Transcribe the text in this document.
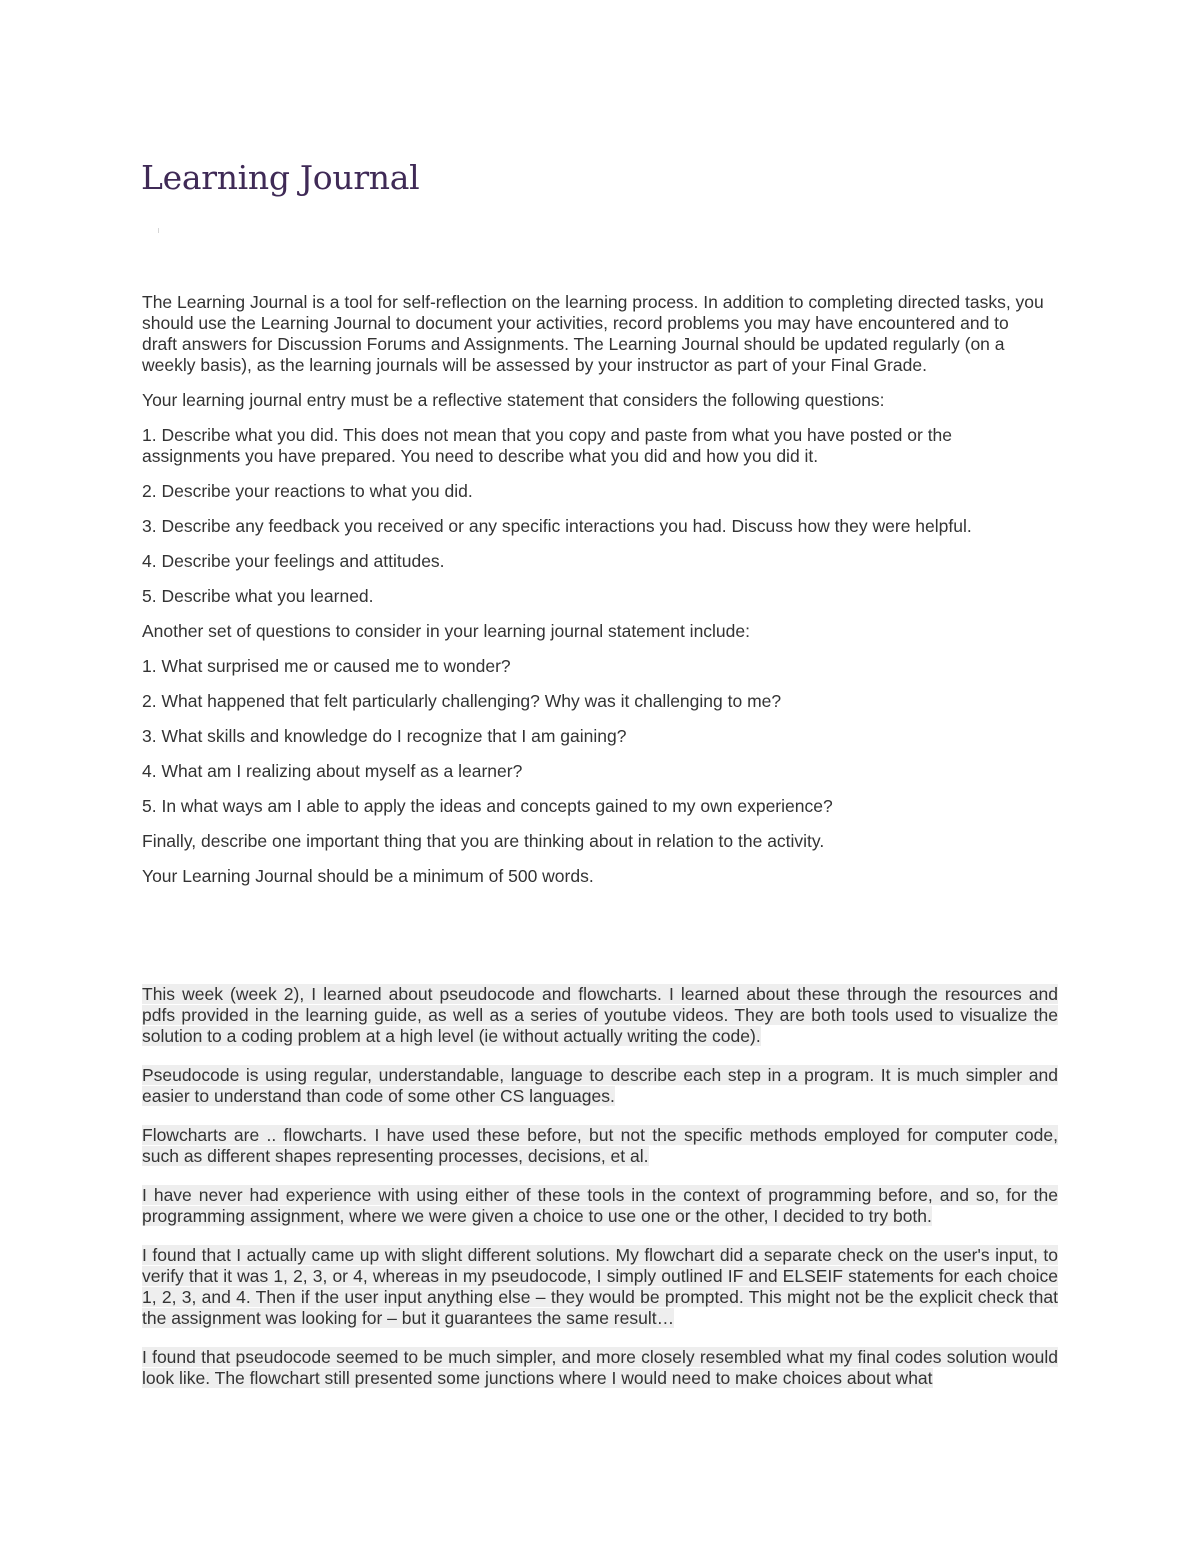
Learning Journal

The Learning Journal is a tool for self-reflection on the learning process. In addition to completing directed tasks, you should use the Learning Journal to document your activities, record problems you may have encountered and to draft answers for Discussion Forums and Assignments. The Learning Journal should be updated regularly (on a weekly basis), as the learning journals will be assessed by your instructor as part of your Final Grade.

Your learning journal entry must be a reflective statement that considers the following questions:

1. Describe what you did. This does not mean that you copy and paste from what you have posted or the assignments you have prepared. You need to describe what you did and how you did it.

2. Describe your reactions to what you did.

3. Describe any feedback you received or any specific interactions you had. Discuss how they were helpful.

4. Describe your feelings and attitudes.

5. Describe what you learned.

Another set of questions to consider in your learning journal statement include:

1. What surprised me or caused me to wonder?

2. What happened that felt particularly challenging? Why was it challenging to me?

3. What skills and knowledge do I recognize that I am gaining?

4. What am I realizing about myself as a learner?

5. In what ways am I able to apply the ideas and concepts gained to my own experience?

Finally, describe one important thing that you are thinking about in relation to the activity.

Your Learning Journal should be a minimum of 500 words.

This week (week 2), I learned about pseudocode and flowcharts. I learned about these through the resources and pdfs provided in the learning guide, as well as a series of youtube videos. They are both tools used to visualize the solution to a coding problem at a high level (ie without actually writing the code).

Pseudocode is using regular, understandable, language to describe each step in a program. It is much simpler and easier to understand than code of some other CS languages.

Flowcharts are .. flowcharts. I have used these before, but not the specific methods employed for computer code, such as different shapes representing processes, decisions, et al.

I have never had experience with using either of these tools in the context of programming before, and so, for the programming assignment, where we were given a choice to use one or the other, I decided to try both.

I found that I actually came up with slight different solutions. My flowchart did a separate check on the user's input, to verify that it was 1, 2, 3, or 4, whereas in my pseudocode, I simply outlined IF and ELSEIF statements for each choice 1, 2, 3, and 4. Then if the user input anything else – they would be prompted. This might not be the explicit check that the assignment was looking for – but it guarantees the same result…

I found that pseudocode seemed to be much simpler, and more closely resembled what my final codes solution would look like. The flowchart still presented some junctions where I would need to make choices about what
